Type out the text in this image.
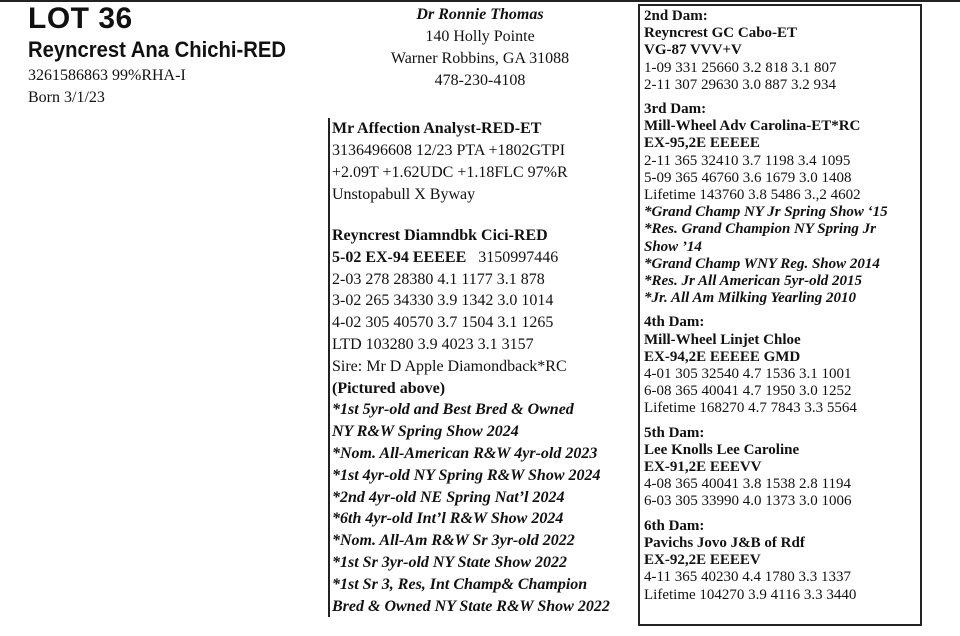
LOT 36
Reyncrest Ana Chichi-RED
3261586863 99%RHA-I
Born 3/1/23
Dr Ronnie Thomas
140 Holly Pointe
Warner Robbins, GA 31088
478-230-4108
Mr Affection Analyst-RED-ET
3136496608 12/23 PTA +1802GTPI
+2.09T +1.62UDC +1.18FLC 97%R
Unstopabull X Byway
Reyncrest Diamndbk Cici-RED
5-02 EX-94 EEEEE 3150997446
2-03 278 28380 4.1 1177 3.1 878
3-02 265 34330 3.9 1342 3.0 1014
4-02 305 40570 3.7 1504 3.1 1265
LTD 103280 3.9 4023 3.1 3157
Sire: Mr D Apple Diamondback*RC
(Pictured above)
*1st 5yr-old and Best Bred & Owned
NY R&W Spring Show 2024
*Nom. All-American R&W 4yr-old 2023
*1st 4yr-old NY Spring R&W Show 2024
*2nd 4yr-old NE Spring Nat’l 2024
*6th 4yr-old Int’l R&W Show 2024
*Nom. All-Am R&W Sr 3yr-old 2022
*1st Sr 3yr-old NY State Show 2022
*1st Sr 3, Res, Int Champ& Champion
Bred & Owned NY State R&W Show 2022
2nd Dam:
Reyncrest GC Cabo-ET
VG-87 VVV+V
1-09 331 25660 3.2 818 3.1 807
2-11 307 29630 3.0 887 3.2 934
3rd Dam:
Mill-Wheel Adv Carolina-ET*RC
EX-95,2E EEEEE
2-11 365 32410 3.7 1198 3.4 1095
5-09 365 46760 3.6 1679 3.0 1408
Lifetime 143760 3.8 5486 3.,2 4602
*Grand Champ NY Jr Spring Show ‘15
*Res. Grand Champion NY Spring Jr
Show ’14
*Grand Champ WNY Reg. Show 2014
*Res. Jr All American 5yr-old 2015
*Jr. All Am Milking Yearling 2010
4th Dam:
Mill-Wheel Linjet Chloe
EX-94,2E EEEEE GMD
4-01 305 32540 4.7 1536 3.1 1001
6-08 365 40041 4.7 1950 3.0 1252
Lifetime 168270 4.7 7843 3.3 5564
5th Dam:
Lee Knolls Lee Caroline
EX-91,2E EEEVV
4-08 365 40041 3.8 1538 2.8 1194
6-03 305 33990 4.0 1373 3.0 1006
6th Dam:
Pavichs Jovo J&B of Rdf
EX-92,2E EEEEV
4-11 365 40230 4.4 1780 3.3 1337
Lifetime 104270 3.9 4116 3.3 3440
